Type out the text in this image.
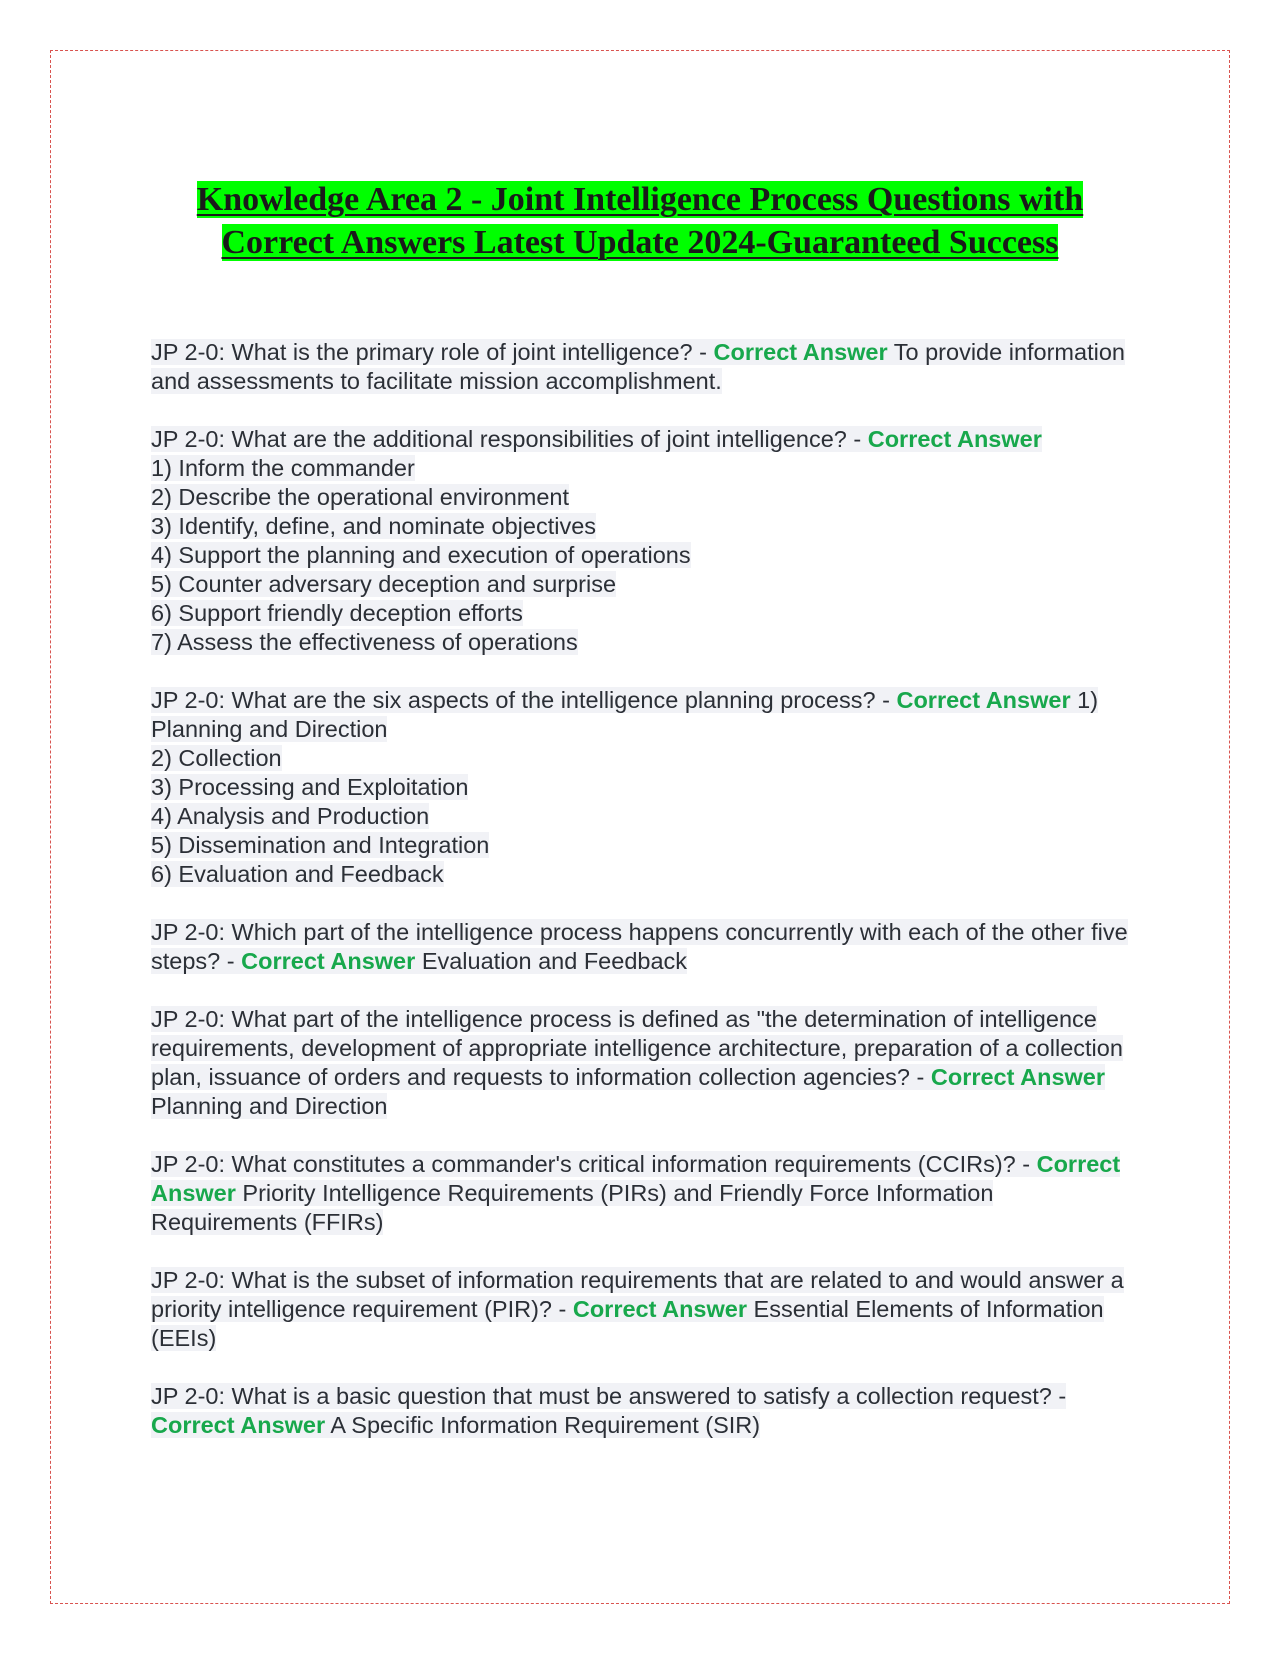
Knowledge Area 2 - Joint Intelligence Process Questions with Correct Answers Latest Update 2024-Guaranteed Success
JP 2-0: What is the primary role of joint intelligence? - Correct Answer To provide information and assessments to facilitate mission accomplishment.
JP 2-0: What are the additional responsibilities of joint intelligence? - Correct Answer
1) Inform the commander
2) Describe the operational environment
3) Identify, define, and nominate objectives
4) Support the planning and execution of operations
5) Counter adversary deception and surprise
6) Support friendly deception efforts
7) Assess the effectiveness of operations
JP 2-0: What are the six aspects of the intelligence planning process? - Correct Answer 1) Planning and Direction
2) Collection
3) Processing and Exploitation
4) Analysis and Production
5) Dissemination and Integration
6) Evaluation and Feedback
JP 2-0: Which part of the intelligence process happens concurrently with each of the other five steps? - Correct Answer Evaluation and Feedback
JP 2-0: What part of the intelligence process is defined as "the determination of intelligence requirements, development of appropriate intelligence architecture, preparation of a collection plan, issuance of orders and requests to information collection agencies? - Correct Answer Planning and Direction
JP 2-0: What constitutes a commander's critical information requirements (CCIRs)? - Correct Answer Priority Intelligence Requirements (PIRs) and Friendly Force Information Requirements (FFIRs)
JP 2-0: What is the subset of information requirements that are related to and would answer a priority intelligence requirement (PIR)? - Correct Answer Essential Elements of Information (EEIs)
JP 2-0: What is a basic question that must be answered to satisfy a collection request? - Correct Answer A Specific Information Requirement (SIR)
